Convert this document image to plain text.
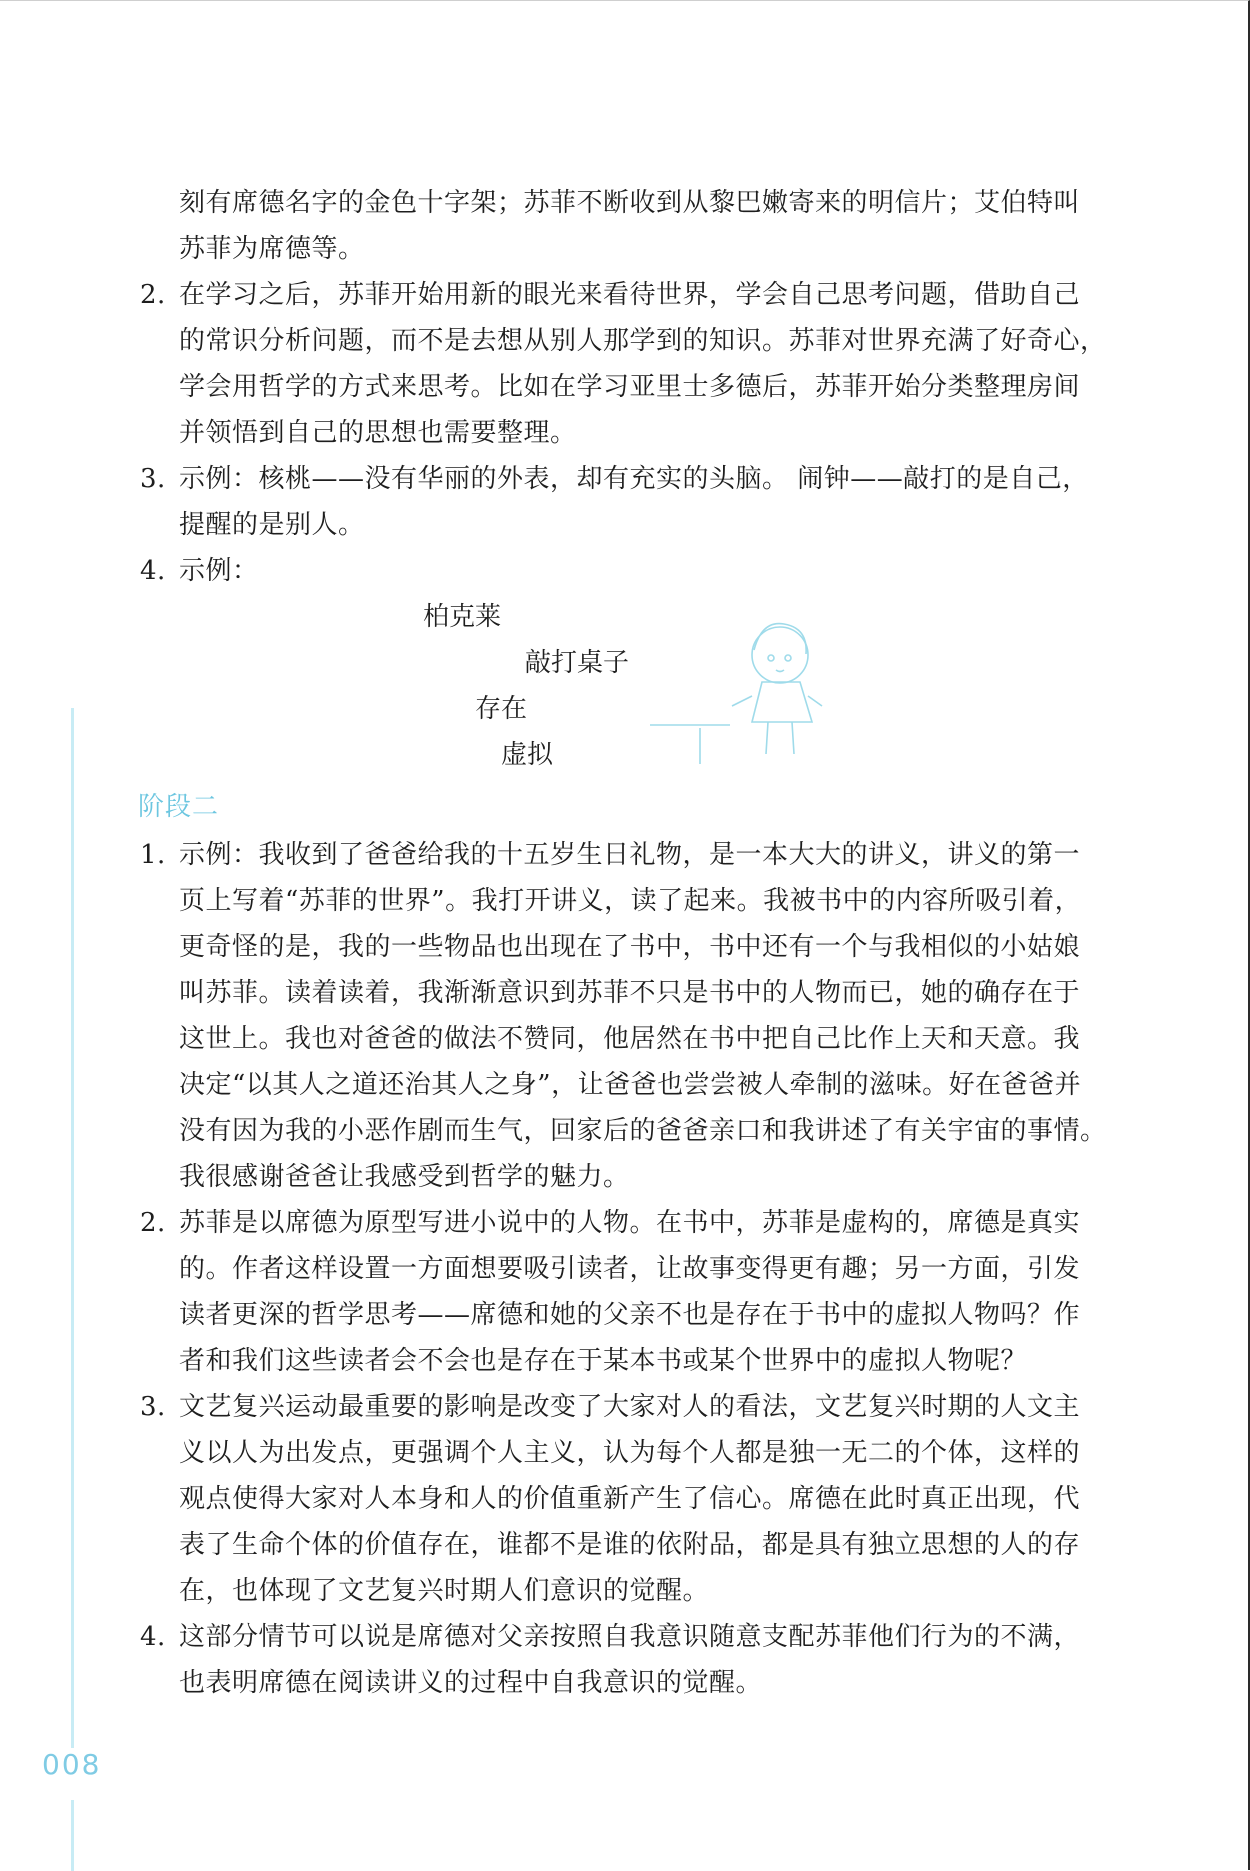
刻有席德名字的金色十字架；苏菲不断收到从黎巴嫩寄来的明信片；艾伯特叫
苏菲为席德等。
2. 在学习之后，苏菲开始用新的眼光来看待世界，学会自己思考问题，借助自己
的常识分析问题，而不是去想从别人那学到的知识。苏菲对世界充满了好奇心，
学会用哲学的方式来思考。比如在学习亚里士多德后，苏菲开始分类整理房间
并领悟到自己的思想也需要整理。
3. 示例：核桃——没有华丽的外表，却有充实的头脑。 闹钟——敲打的是自己，
提醒的是别人。
4. 示例：
柏克莱
敲打桌子
存在
虚拟
阶段二
1. 示例：我收到了爸爸给我的十五岁生日礼物，是一本大大的讲义，讲义的第一
页上写着“苏菲的世界”。我打开讲义，读了起来。我被书中的内容所吸引着，
更奇怪的是，我的一些物品也出现在了书中，书中还有一个与我相似的小姑娘
叫苏菲。读着读着，我渐渐意识到苏菲不只是书中的人物而已，她的确存在于
这世上。我也对爸爸的做法不赞同，他居然在书中把自己比作上天和天意。我
决定“以其人之道还治其人之身”，让爸爸也尝尝被人牵制的滋味。好在爸爸并
没有因为我的小恶作剧而生气，回家后的爸爸亲口和我讲述了有关宇宙的事情。
我很感谢爸爸让我感受到哲学的魅力。
2. 苏菲是以席德为原型写进小说中的人物。在书中，苏菲是虚构的，席德是真实
的。作者这样设置一方面想要吸引读者，让故事变得更有趣；另一方面，引发
读者更深的哲学思考——席德和她的父亲不也是存在于书中的虚拟人物吗？作
者和我们这些读者会不会也是存在于某本书或某个世界中的虚拟人物呢？
3. 文艺复兴运动最重要的影响是改变了大家对人的看法，文艺复兴时期的人文主
义以人为出发点，更强调个人主义，认为每个人都是独一无二的个体，这样的
观点使得大家对人本身和人的价值重新产生了信心。席德在此时真正出现，代
表了生命个体的价值存在，谁都不是谁的依附品，都是具有独立思想的人的存
在，也体现了文艺复兴时期人们意识的觉醒。
4. 这部分情节可以说是席德对父亲按照自我意识随意支配苏菲他们行为的不满，
也表明席德在阅读讲义的过程中自我意识的觉醒。
008
